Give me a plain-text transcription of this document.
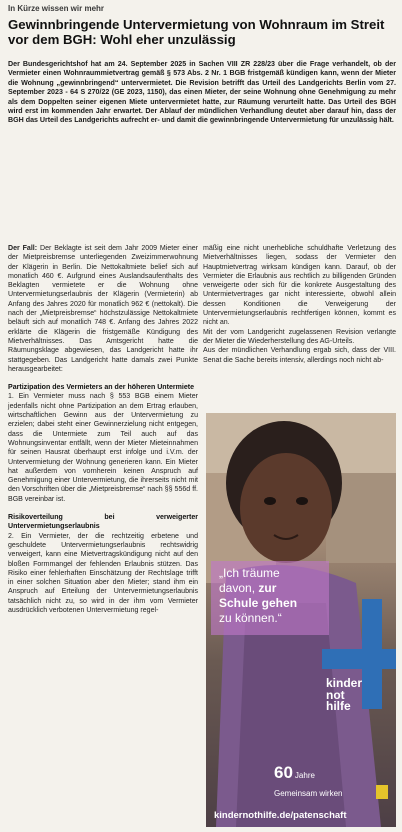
In Kürze wissen wir mehr
Gewinnbringende Untervermietung von Wohnraum im Streit vor dem BGH: Wohl eher unzulässig

Der Bundesgerichtshof hat am 24. September 2025 in Sachen VIII ZR 228/23 über die Frage verhandelt, ob der Vermieter einen Wohnraummietvertrag gemäß § 573 Abs. 2 Nr. 1 BGB fristgemäß kündigen kann, wenn der Mieter die Wohnung „gewinnbringend“ untervermietet. Die Revision betrifft das Urteil des Landgerichts Berlin vom 27. September 2023 - 64 S 270/22 (GE 2023, 1150), das einen Mieter, der seine Wohnung ohne Genehmigung zu mehr als dem Doppelten seiner eigenen Miete untervermietet hatte, zur Räumung verurteilt hatte. Das Urteil des BGH wird erst im kommenden Jahr erwartet. Der Ablauf der mündlichen Verhandlung deutet aber darauf hin, dass der BGH das Urteil des Landgerichts aufrecht er- und damit die gewinnbringende Untervermietung für unzulässig hält.

Der Fall: Der Beklagte ist seit dem Jahr 2009 Mieter einer der Mietpreisbremse unterliegenden Zweizimmerwohnung der Klägerin in Berlin. Die Nettokaltmiete belief sich auf monatlich 460 €. Aufgrund eines Auslandsaufenthalts des Beklagten vermietete er die Wohnung ohne Untervermietungserlaubnis der Klägerin (Vermieterin) ab Anfang des Jahres 2020 für monatlich 962 € (nettokalt). Die nach der „Mietpreisbremse“ höchstzulässige Nettokaltmiete beläuft sich auf monatlich 748 €. Anfang des Jahres 2022 erklärte die Klägerin die fristgemäße Kündigung des Mietverhältnisses. Das Amtsgericht hatte die Räumungsklage abgewiesen, das Landgericht hatte ihr stattgegeben. Das Landgericht hatte damals zwei Punkte herausgearbeitet:

Partizipation des Vermieters an der höheren Untermiete

1. Ein Vermieter muss nach § 553 BGB einem Mieter jedenfalls nicht ohne Partizipation an dem Ertrag erlauben, wirtschaftlichen Gewinn aus der Untervermietung zu erzielen; dabei steht einer Gewinnerzielung nicht entgegen, dass die Untermiete zum Teil auch auf das Wohnungsinventar entfällt, wenn der Mieter Mieteinnahmen für seinen Hausrat überhaupt erst infolge und i.V.m. der Untervermietung der Wohnung generieren kann. Ein Mieter hat außerdem von vornherein keinen Anspruch auf Genehmigung einer Untervermietung, die ihrerseits nicht mit den Vorschriften über die „Mietpreisbremse“ nach §§ 556d ff. BGB vereinbar ist.

Risikoverteilung bei verweigerter Untervermietungserlaubnis

2. Ein Vermieter, der die rechtzeitig erbetene und geschuldete Untervermietungserlaubnis rechtswidrig verweigert, kann eine Mietvertragskündigung nicht auf den bloßen Formmangel der fehlenden Erlaubnis stützen. Das Risiko einer fehlerhaften Einschätzung der Rechtslage trifft in einer solchen Situation aber den Mieter; stand ihm ein Anspruch auf Erteilung der Untervermietungserlaubnis tatsächlich nicht zu, so wird in der ihm vom Vermieter ausdrücklich verbotenen Untervermietung regel-

mäßig eine nicht unerhebliche schuldhafte Verletzung des Mietverhältnisses liegen, sodass der Vermieter den Hauptmietvertrag wirksam kündigen kann. Darauf, ob der Vermieter die Erlaubnis aus rechtlich zu billigenden Gründen verweigerte oder sich für die konkrete Ausgestaltung des Untermietvertrages gar nicht interessierte, obwohl allein dessen Konditionen die Verweigerung der Untervermietungserlaubnis rechtfertigen können, kommt es nicht an.

Mit der vom Landgericht zugelassenen Revision verlangte der Mieter die Wiederherstellung des AG-Urteils.

Aus der mündlichen Verhandlung ergab sich, dass der VIII. Senat die Sache bereits intensiv, allerdings noch nicht ab-

„Ich träume
davon, zur
Schule gehen
zu können.“
kinder
not
hilfe
60 Jahre
Gemeinsam wirken
kindernothilfe.de/patenschaft
